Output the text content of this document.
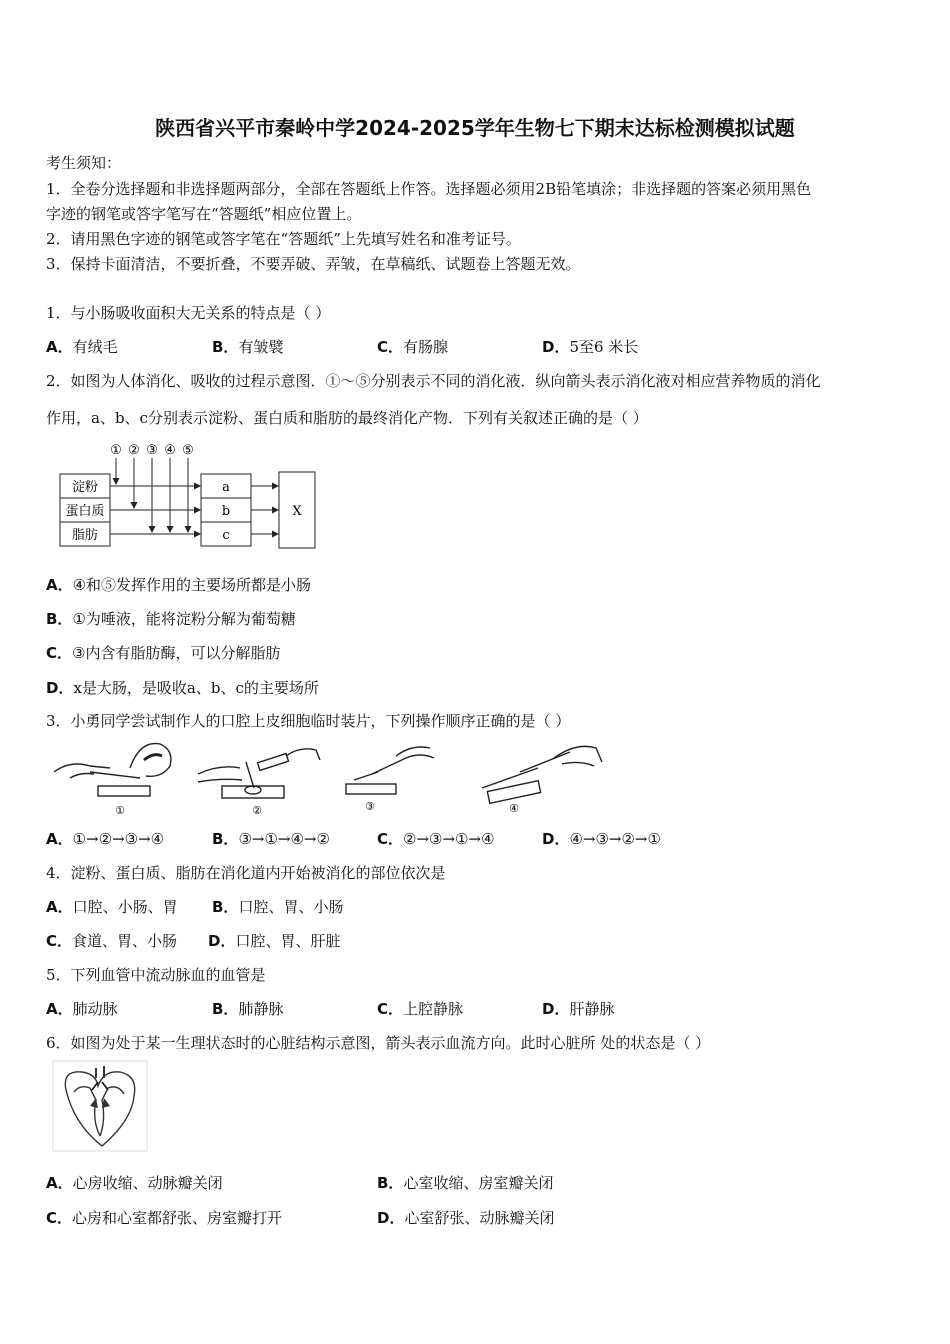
陕西省兴平市秦岭中学2024-2025学年生物七下期末达标检测模拟试题
考生须知：
1．全卷分选择题和非选择题两部分，全部在答题纸上作答。选择题必须用2B铅笔填涂；非选择题的答案必须用黑色
字迹的钢笔或答字笔写在“答题纸”相应位置上。
2．请用黑色字迹的钢笔或答字笔在“答题纸”上先填写姓名和准考证号。
3．保持卡面清洁，不要折叠，不要弄破、弄皱，在草稿纸、试题卷上答题无效。
1．与小肠吸收面积大无关系的特点是（ ）
A．有绒毛	B．有皱襞	C．有肠腺	D．5至6 米长
2．如图为人体消化、吸收的过程示意图．①～⑤分别表示不同的消化液．纵向箭头表示消化液对相应营养物质的消化
作用，a、b、c分别表示淀粉、蛋白质和脂肪的最终消化产物．下列有关叙述正确的是（ ）
① ② ③ ④ ⑤
淀粉
蛋白质
脂肪
a
b
c
X
A．④和⑤发挥作用的主要场所都是小肠
B．①为唾液，能将淀粉分解为葡萄糖
C．③内含有脂肪酶，可以分解脂肪
D．x是大肠，是吸收a、b、c的主要场所
3．小勇同学尝试制作人的口腔上皮细胞临时装片，下列操作顺序正确的是（ ）
①	②	③	④
A．①→②→③→④	B．③→①→④→②	C．②→③→①→④	D．④→③→②→①
4．淀粉、蛋白质、脂肪在消化道内开始被消化的部位依次是
A．口腔、小肠、胃 B．口腔、胃、小肠
C．食道、胃、小肠 D．口腔、胃、肝脏
5．下列血管中流动脉血的血管是
A．肺动脉	B．肺静脉	C．上腔静脉	D．肝静脉
6．如图为处于某一生理状态时的心脏结构示意图，箭头表示血流方向。此时心脏所 处的状态是（ ）
A．心房收缩、动脉瓣关闭	B．心室收缩、房室瓣关闭
C．心房和心室都舒张、房室瓣打开	D．心室舒张、动脉瓣关闭
